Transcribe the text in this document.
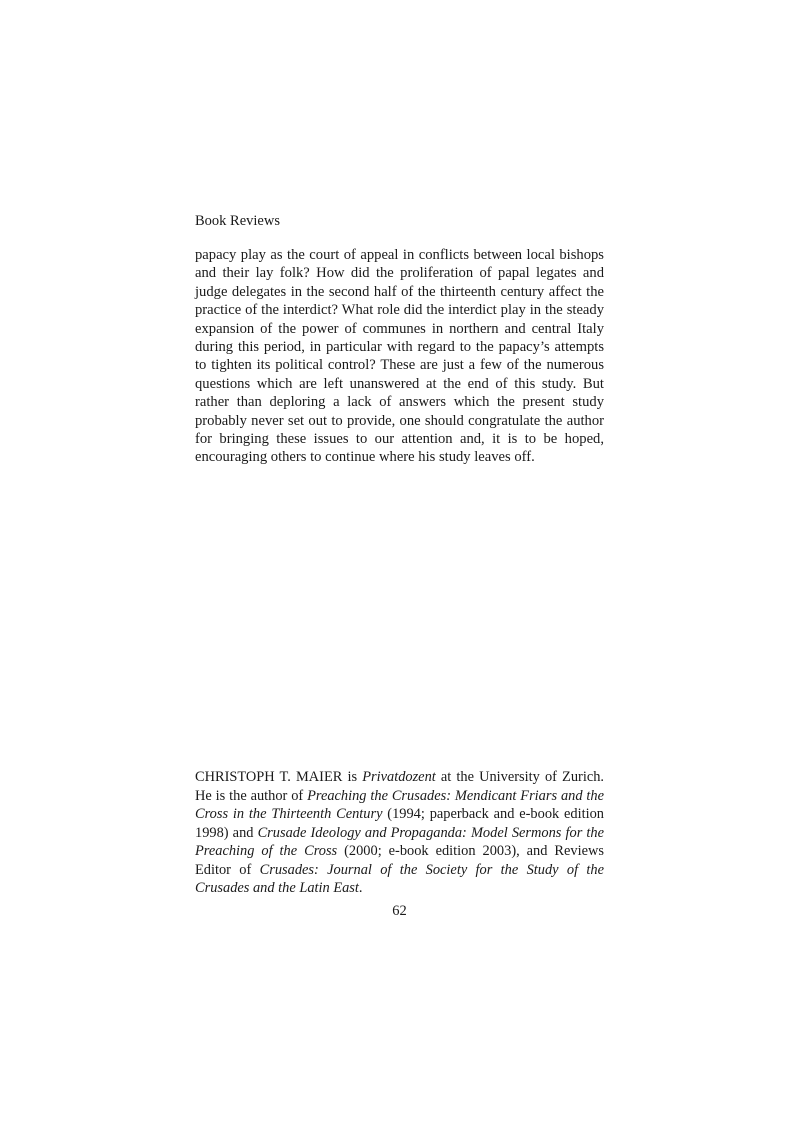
Book Reviews

papacy play as the court of appeal in conflicts between local bishops and their lay folk? How did the proliferation of papal legates and judge delegates in the second half of the thirteenth century affect the practice of the interdict? What role did the interdict play in the steady expansion of the power of communes in northern and central Italy during this period, in particular with regard to the papacy’s attempts to tighten its political control? These are just a few of the numerous questions which are left unanswered at the end of this study. But rather than deploring a lack of answers which the present study probably never set out to provide, one should congratulate the author for bringing these issues to our attention and, it is to be hoped, encouraging others to continue where his study leaves off.

CHRISTOPH T. MAIER is Privatdozent at the University of Zurich. He is the author of Preaching the Crusades: Mendicant Friars and the Cross in the Thirteenth Century (1994; paperback and e-book edition 1998) and Crusade Ideology and Propaganda: Model Sermons for the Preaching of the Cross (2000; e-book edition 2003), and Reviews Editor of Crusades: Journal of the Society for the Study of the Crusades and the Latin East.

62
